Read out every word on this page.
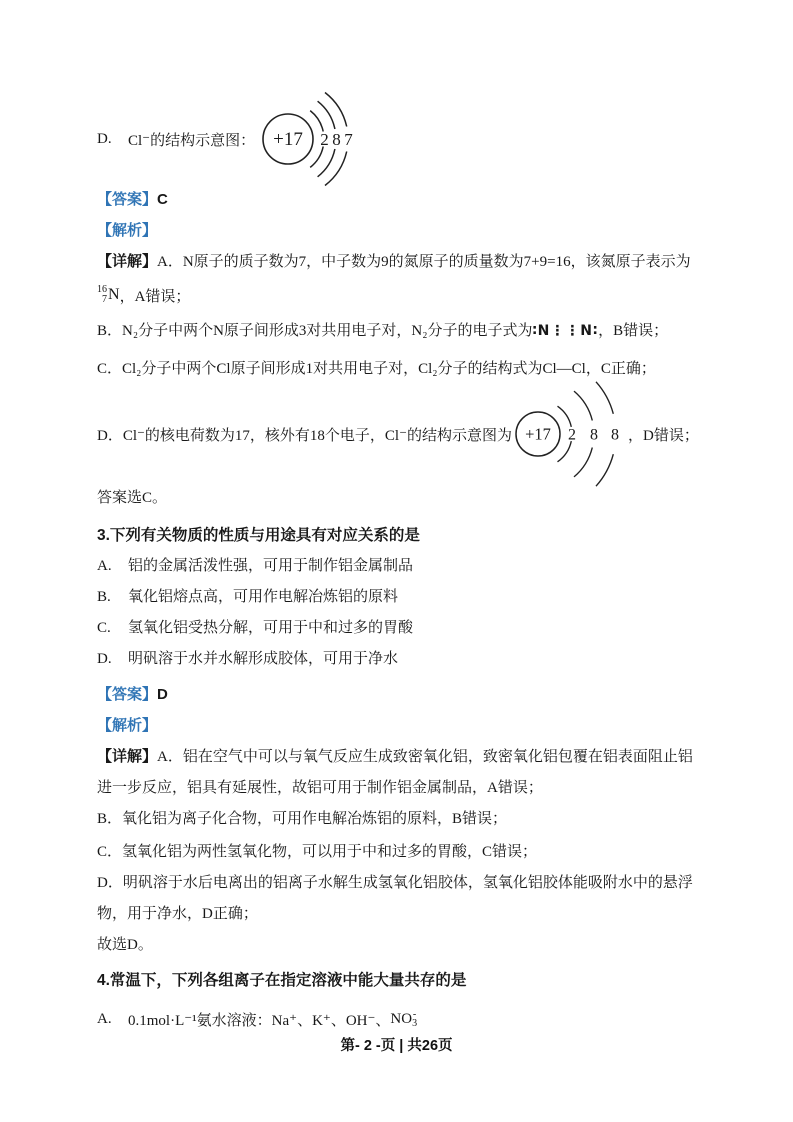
D.	Cl⁻的结构示意图： +17 2 8 7

【答案】C

【解析】

【详解】A．N原子的质子数为7，中子数为9的氮原子的质量数为7+9=16，该氮原子表示为

16
7 N ，A错误；

B．N₂分子中两个N原子间形成3对共用电子对，N₂分子的电子式为∶N⋮⋮N∶，B错误；

C．Cl₂分子中两个Cl原子间形成1对共用电子对，Cl₂分子的结构式为Cl—Cl，C正确；

D．Cl⁻的核电荷数为17，核外有18个电子，Cl⁻的结构示意图为 +17 2 8 8 ，D错误；

答案选C。

3.下列有关物质的性质与用途具有对应关系的是

A. 铝的金属活泼性强，可用于制作铝金属制品

B. 氧化铝熔点高，可用作电解冶炼铝的原料

C. 氢氧化铝受热分解，可用于中和过多的胃酸

D. 明矾溶于水并水解形成胶体，可用于净水

【答案】D

【解析】

【详解】A．铝在空气中可以与氧气反应生成致密氧化铝，致密氧化铝包覆在铝表面阻止铝

进一步反应，铝具有延展性，故铝可用于制作铝金属制品，A错误；

B．氧化铝为离子化合物，可用作电解冶炼铝的原料，B错误；

C．氢氧化铝为两性氢氧化物，可以用于中和过多的胃酸，C错误；

D．明矾溶于水后电离出的铝离子水解生成氢氧化铝胶体，氢氧化铝胶体能吸附水中的悬浮

物，用于净水，D正确；

故选D。

4.常温下，下列各组离子在指定溶液中能大量共存的是

A.	0.1mol·L⁻¹氨水溶液：Na⁺、K⁺、OH⁻、 NO -
3

第- 2 -页 | 共26页
